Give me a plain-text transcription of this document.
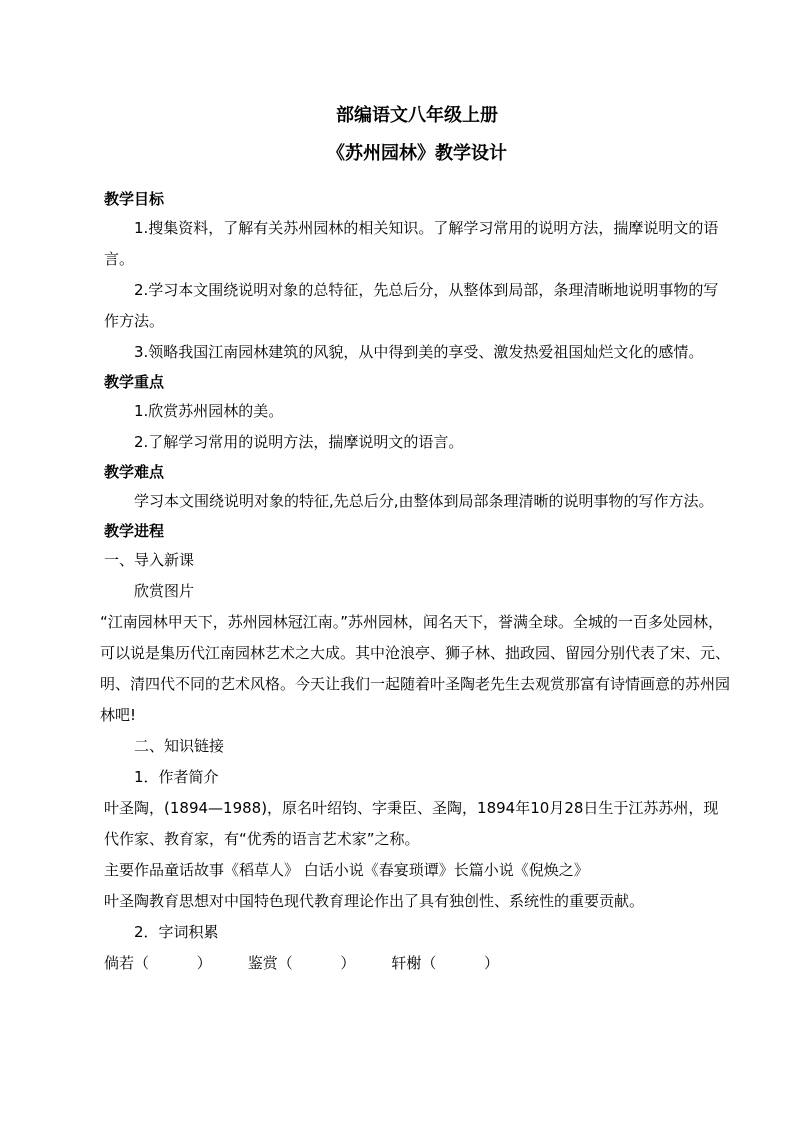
部编语文八年级上册
《苏州园林》教学设计
教学目标
1.搜集资料，了解有关苏州园林的相关知识。了解学习常用的说明方法，揣摩说明文的语言。
2.学习本文围绕说明对象的总特征，先总后分，从整体到局部，条理清晰地说明事物的写作方法。
3.领略我国江南园林建筑的风貌，从中得到美的享受、激发热爱祖国灿烂文化的感情。
教学重点
1.欣赏苏州园林的美。
2.了解学习常用的说明方法，揣摩说明文的语言。
教学难点
学习本文围绕说明对象的特征,先总后分,由整体到局部条理清晰的说明事物的写作方法。
教学进程
一、导入新课
欣赏图片
“江南园林甲天下，苏州园林冠江南。”苏州园林，闻名天下，誉满全球。全城的一百多处园林，可以说是集历代江南园林艺术之大成。其中沧浪亭、狮子林、拙政园、留园分别代表了宋、元、明、清四代不同的艺术风格。今天让我们一起随着叶圣陶老先生去观赏那富有诗情画意的苏州园林吧!
二、知识链接
1．作者简介
叶圣陶，(1894—1988)，原名叶绍钧、字秉臣、圣陶，1894年10月28日生于江苏苏州，现代作家、教育家，有“优秀的语言艺术家”之称。
主要作品童话故事《稻草人》 白话小说《春宴琐谭》长篇小说《倪焕之》
叶圣陶教育思想对中国特色现代教育理论作出了具有独创性、系统性的重要贡献。
2．字词积累
倘若（          ） 鉴赏（          ） 轩榭（          ）
